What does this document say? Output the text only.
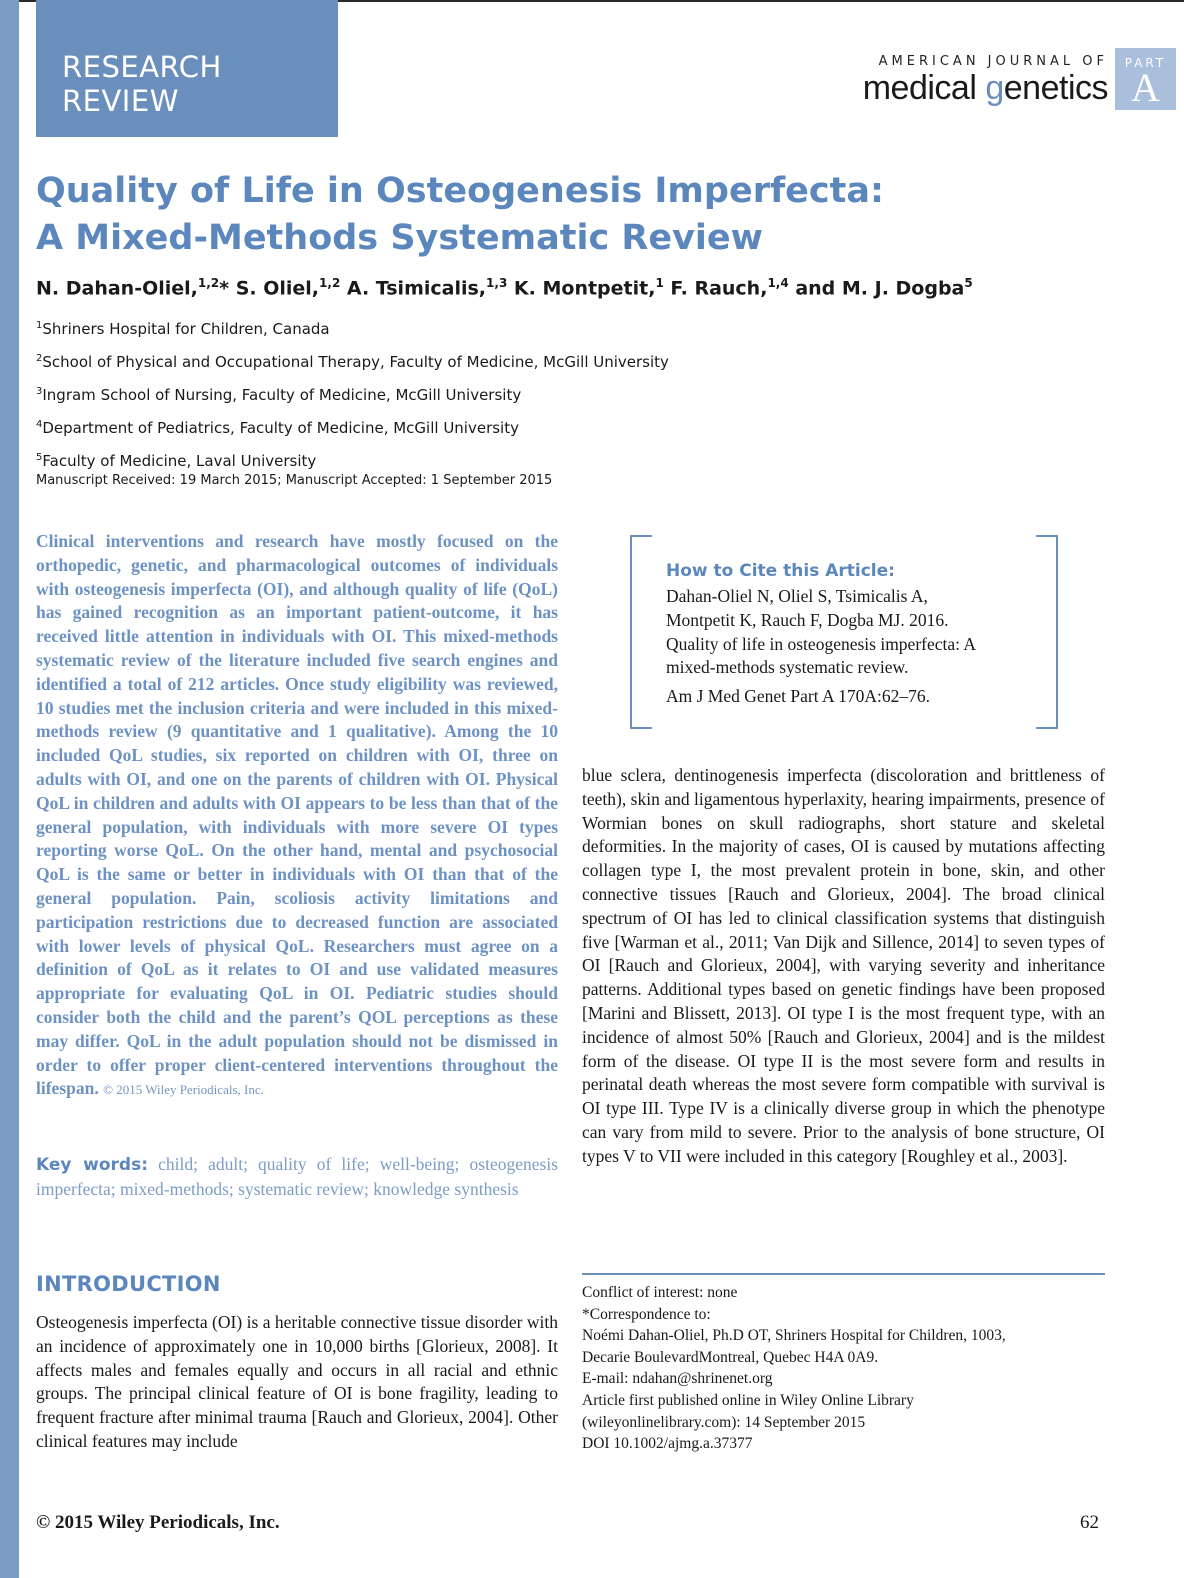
RESEARCH REVIEW
AMERICAN JOURNAL OF
medical genetics
PART
A
Quality of Life in Osteogenesis Imperfecta:
A Mixed-Methods Systematic Review
N. Dahan-Oliel,$^{1,2}$* S. Oliel,$^{1,2}$ A. Tsimicalis,$^{1,3}$ K. Montpetit,$^1$ F. Rauch,$^{1,4}$ and M. J. Dogba$^5$
$^1$Shriners Hospital for Children, Canada
$^2$School of Physical and Occupational Therapy, Faculty of Medicine, McGill University
$^3$Ingram School of Nursing, Faculty of Medicine, McGill University
$^4$Department of Pediatrics, Faculty of Medicine, McGill University
$^5$Faculty of Medicine, Laval University
Manuscript Received: 19 March 2015; Manuscript Accepted: 1 September 2015

Clinical interventions and research have mostly focused on the orthopedic, genetic, and pharmacological outcomes of individuals with osteogenesis imperfecta (OI), and although quality of life (QoL) has gained recognition as an important patient-outcome, it has received little attention in individuals with OI. This mixed-methods systematic review of the literature included five search engines and identified a total of 212 articles. Once study eligibility was reviewed, 10 studies met the inclusion criteria and were included in this mixed-methods review (9 quantitative and 1 qualitative). Among the 10 included QoL studies, six reported on children with OI, three on adults with OI, and one on the parents of children with OI. Physical QoL in children and adults with OI appears to be less than that of the general population, with individuals with more severe OI types reporting worse QoL. On the other hand, mental and psychosocial QoL is the same or better in individuals with OI than that of the general population. Pain, scoliosis activity limitations and participation restrictions due to decreased function are associated with lower levels of physical QoL. Researchers must agree on a definition of QoL as it relates to OI and use validated measures appropriate for evaluating QoL in OI. Pediatric studies should consider both the child and the parent’s QOL perceptions as these may differ. QoL in the adult population should not be dismissed in order to offer proper client-centered interventions throughout the lifespan. © 2015 Wiley Periodicals, Inc.

Key words: child; adult; quality of life; well-being; osteogenesis imperfecta; mixed-methods; systematic review; knowledge synthesis

INTRODUCTION

Osteogenesis imperfecta (OI) is a heritable connective tissue disorder with an incidence of approximately one in 10,000 births [Glorieux, 2008]. It affects males and females equally and occurs in all racial and ethnic groups. The principal clinical feature of OI is bone fragility, leading to frequent fracture after minimal trauma [Rauch and Glorieux, 2004]. Other clinical features may include

How to Cite this Article:
Dahan-Oliel N, Oliel S, Tsimicalis A,
Montpetit K, Rauch F, Dogba MJ. 2016.
Quality of life in osteogenesis imperfecta: A
mixed-methods systematic review.
Am J Med Genet Part A 170A:62–76.

blue sclera, dentinogenesis imperfecta (discoloration and brittleness of teeth), skin and ligamentous hyperlaxity, hearing impairments, presence of Wormian bones on skull radiographs, short stature and skeletal deformities. In the majority of cases, OI is caused by mutations affecting collagen type I, the most prevalent protein in bone, skin, and other connective tissues [Rauch and Glorieux, 2004]. The broad clinical spectrum of OI has led to clinical classification systems that distinguish five [Warman et al., 2011; Van Dijk and Sillence, 2014] to seven types of OI [Rauch and Glorieux, 2004], with varying severity and inheritance patterns. Additional types based on genetic findings have been proposed [Marini and Blissett, 2013]. OI type I is the most frequent type, with an incidence of almost 50% [Rauch and Glorieux, 2004] and is the mildest form of the disease. OI type II is the most severe form and results in perinatal death whereas the most severe form compatible with survival is OI type III. Type IV is a clinically diverse group in which the phenotype can vary from mild to severe. Prior to the analysis of bone structure, OI types V to VII were included in this category [Roughley et al., 2003].

Conflict of interest: none
*Correspondence to:
Noémi Dahan-Oliel, Ph.D OT, Shriners Hospital for Children, 1003,
Decarie BoulevardMontreal, Quebec H4A 0A9.
E-mail: ndahan@shrinenet.org
Article first published online in Wiley Online Library
(wileyonlinelibrary.com): 14 September 2015
DOI 10.1002/ajmg.a.37377
© 2015 Wiley Periodicals, Inc.	62
